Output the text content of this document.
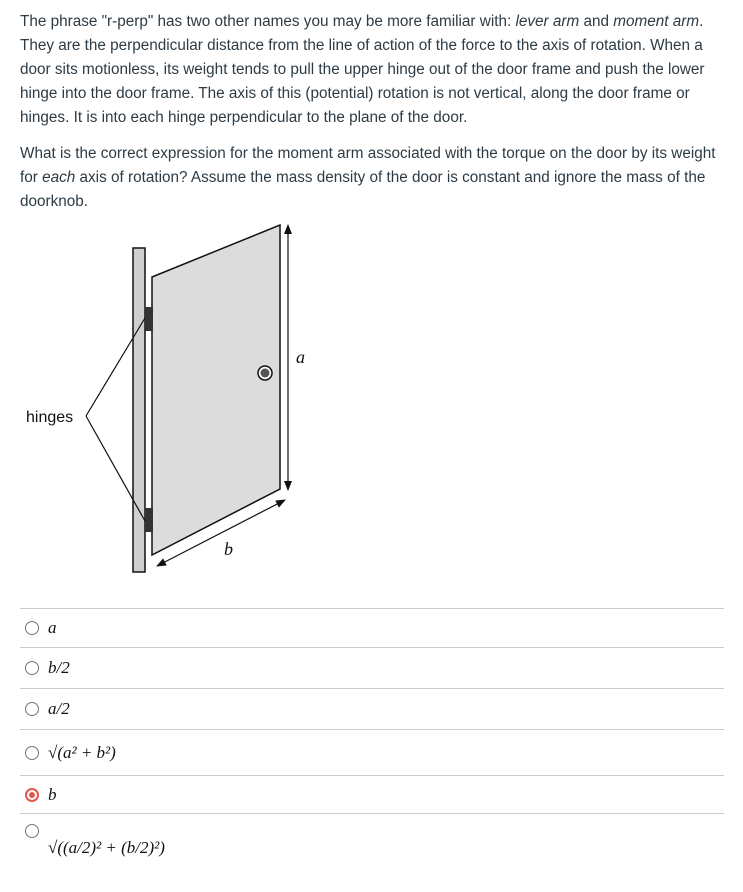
The phrase "r-perp" has two other names you may be more familiar with: lever arm and moment arm. They are the perpendicular distance from the line of action of the force to the axis of rotation. When a door sits motionless, its weight tends to pull the upper hinge out of the door frame and push the lower hinge into the door frame. The axis of this (potential) rotation is not vertical, along the door frame or hinges. It is into each hinge perpendicular to the plane of the door.

What is the correct expression for the moment arm associated with the torque on the door by its weight for each axis of rotation? Assume the mass density of the door is constant and ignore the mass of the doorknob.

hinges
a
b
a
b/2
a/2
√(a² + b²)
b
√((a/2)² + (b/2)²)
